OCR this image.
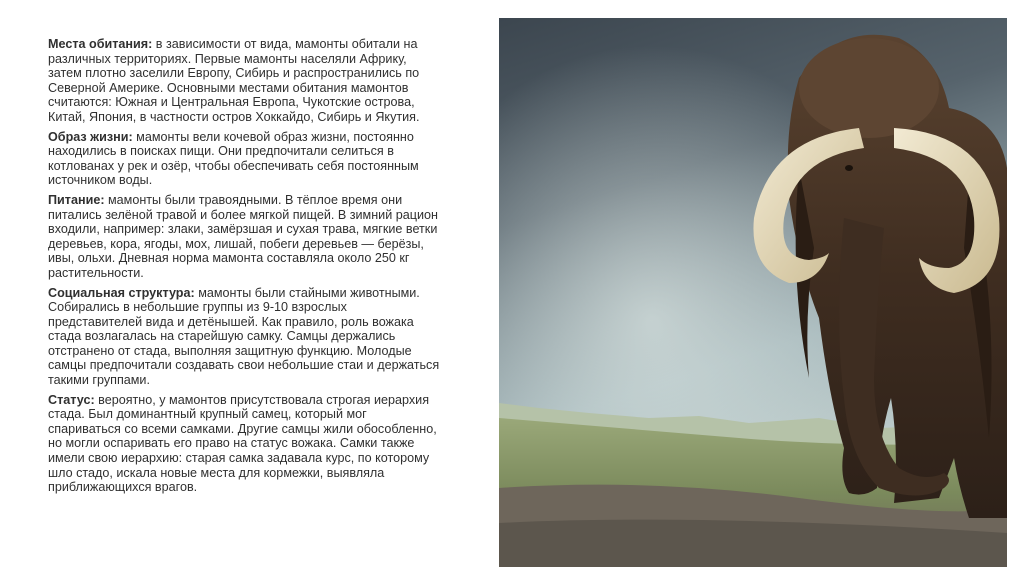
Места обитания: в зависимости от вида, мамонты обитали на различных территориях. Первые мамонты населяли Африку, затем плотно заселили Европу, Сибирь и распространились по Северной Америке. Основными местами обитания мамонтов считаются: Южная и Центральная Европа, Чукотские острова, Китай, Япония, в частности остров Хоккайдо, Сибирь и Якутия.

Образ жизни: мамонты вели кочевой образ жизни, постоянно находились в поисках пищи. Они предпочитали селиться в котлованах у рек и озёр, чтобы обеспечивать себя постоянным источником воды.

Питание: мамонты были травоядными. В тёплое время они питались зелёной травой и более мягкой пищей. В зимний рацион входили, например: злаки, замёрзшая и сухая трава, мягкие ветки деревьев, кора, ягоды, мох, лишай, побеги деревьев — берёзы, ивы, ольхи. Дневная норма мамонта составляла около 250 кг растительности.

Социальная структура: мамонты были стайными животными. Собирались в небольшие группы из 9-10 взрослых представителей вида и детёнышей. Как правило, роль вожака стада возлагалась на старейшую самку. Самцы держались отстранено от стада, выполняя защитную функцию. Молодые самцы предпочитали создавать свои небольшие стаи и держаться такими группами.

Статус: вероятно, у мамонтов присутствовала строгая иерархия стада. Был доминантный крупный самец, который мог спариваться со всеми самками. Другие самцы жили обособленно, но могли оспаривать его право на статус вожака. Самки также имели свою иерархию: старая самка задавала курс, по которому шло стадо, искала новые места для кормежки, выявляла приближающихся врагов.
